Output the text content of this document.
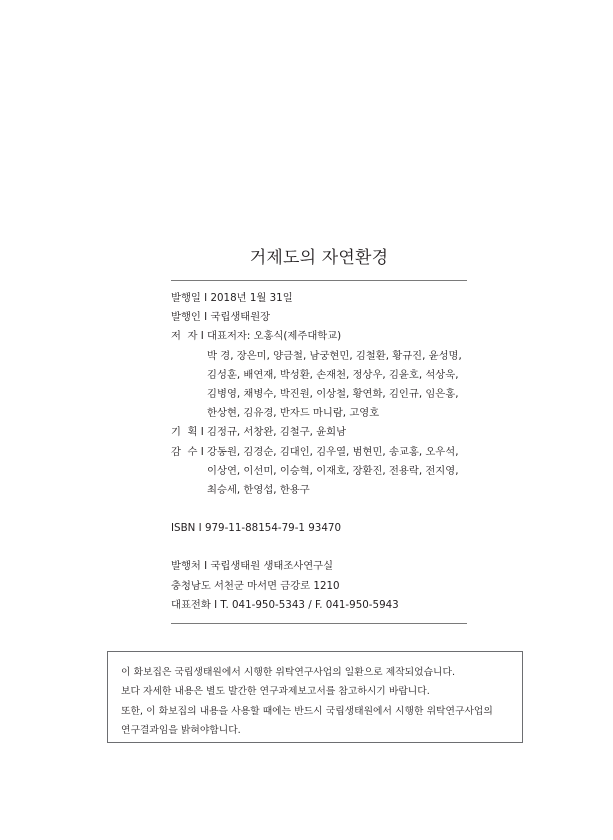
거제도의 자연환경
발행일 I 2018년 1월 31일
발행인 I 국립생태원장
저  자 I 대표저자: 오홍식(제주대학교)
박 경, 장은미, 양금철, 남궁현민, 김철환, 황규진, 윤성명,
김성훈, 배연재, 박성환, 손재천, 정상우, 김윤호, 석상욱,
김병영, 채병수, 박진원, 이상철, 황연화, 김인규, 임은홍,
한상현, 김유경, 반자드 마니람, 고영호
기  획 I 김정규, 서창완, 김철구, 윤희남
감  수 I 강동원, 김경순, 김대인, 김우열, 범현민, 송교홍, 오우석,
이상연, 이선미, 이승혁, 이재호, 장환진, 전용락, 전지영,
최승세, 한영섭, 한용구
ISBN I 979-11-88154-79-1 93470
발행처 I 국립생태원 생태조사연구실
충청남도 서천군 마서면 금강로 1210
대표전화 I T. 041-950-5343 / F. 041-950-5943
이 화보집은 국립생태원에서 시행한 위탁연구사업의 일환으로 제작되었습니다.
보다 자세한 내용은 별도 발간한 연구과제보고서를 참고하시기 바랍니다.
또한, 이 화보집의 내용을 사용할 때에는 반드시 국립생태원에서 시행한 위탁연구사업의
연구결과임을 밝혀야합니다.
